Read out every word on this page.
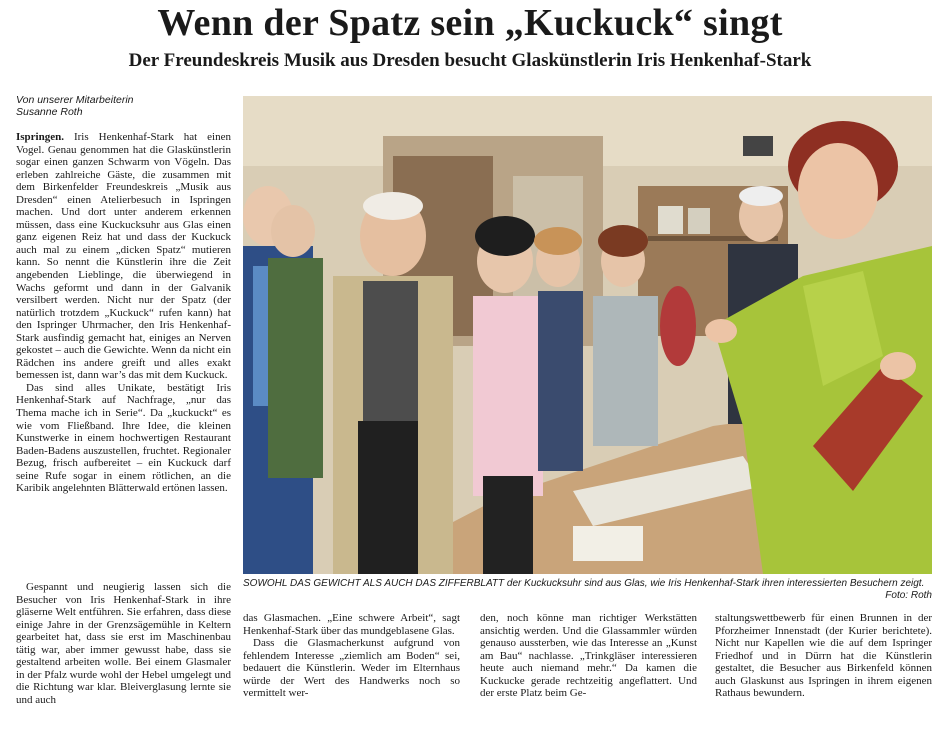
Wenn der Spatz sein „Kuckuck“ singt
Der Freundeskreis Musik aus Dresden besucht Glaskünstlerin Iris Henkenhaf-Stark
Von unserer Mitarbeiterin
Susanne Roth

Ispringen. Iris Henkenhaf-Stark hat einen Vogel. Genau genommen hat die Glaskünstlerin sogar einen ganzen Schwarm von Vögeln. Das erleben zahlreiche Gäste, die zusammen mit dem Birkenfelder Freundeskreis „Musik aus Dresden“ einen Atelierbesuch in Ispringen machen. Und dort unter anderem erkennen müssen, dass eine Kuckucksuhr aus Glas einen ganz eigenen Reiz hat und dass der Kuckuck auch mal zu einem „dicken Spatz“ mutieren kann. So nennt die Künstlerin ihre die Zeit angebenden Lieblinge, die überwiegend in Wachs geformt und dann in der Galvanik versilbert werden. Nicht nur der Spatz (der natürlich trotzdem „Kuckuck“ rufen kann) hat den Ispringer Uhrmacher, den Iris Henkenhaf-Stark ausfindig gemacht hat, einiges an Nerven gekostet – auch die Gewichte. Wenn da nicht ein Rädchen ins andere greift und alles exakt bemessen ist, dann war’s das mit dem Kuckuck.

Das sind alles Unikate, bestätigt Iris Henkenhaf-Stark auf Nachfrage, „nur das Thema mache ich in Serie“. Da „kuckuckt“ es wie vom Fließband. Ihre Idee, die kleinen Kunstwerke in einem hochwertigen Restaurant Baden-Badens auszustellen, fruchtet. Regionaler Bezug, frisch aufbereitet – ein Kuckuck darf seine Rufe sogar in einem rötlichen, an die Karibik angelehnten Blätterwald ertönen lassen.

Gespannt und neugierig lassen sich die Besucher von Iris Henkenhaf-Stark in ihre gläserne Welt entführen. Sie erfahren, dass diese einige Jahre in der Grenzsägemühle in Keltern gearbeitet hat, dass sie erst im Maschinenbau tätig war, aber immer gewusst habe, dass sie gestaltend arbeiten wolle. Bei einem Glasmaler in der Pfalz wurde wohl der Hebel umgelegt und die Richtung war klar. Bleiverglasung lernte sie und auch

SOWOHL DAS GEWICHT ALS AUCH DAS ZIFFERBLATT der Kuckucksuhr sind aus Glas, wie Iris Henkenhaf-Stark ihren interessierten Besuchern zeigt.
Foto: Roth

das Glasmachen. „Eine schwere Arbeit“, sagt Henkenhaf-Stark über das mundgeblasene Glas.

Dass die Glasmacherkunst aufgrund von fehlendem Interesse „ziemlich am Boden“ sei, bedauert die Künstlerin. Weder im Elternhaus würde der Wert des Handwerks noch so vermittelt wer-

den, noch könne man richtiger Werkstätten ansichtig werden. Und die Glassammler würden genauso aussterben, wie das Interesse an „Kunst am Bau“ nachlasse. „Trinkgläser interessieren heute auch niemand mehr.“ Da kamen die Kuckucke gerade rechtzeitig angeflattert. Und der erste Platz beim Ge-

staltungswettbewerb für einen Brunnen in der Pforzheimer Innenstadt (der Kurier berichtete). Nicht nur Kapellen wie die auf dem Ispringer Friedhof und in Dürrn hat die Künstlerin gestaltet, die Besucher aus Birkenfeld können auch Glaskunst aus Ispringen in ihrem eigenen Rathaus bewundern.
